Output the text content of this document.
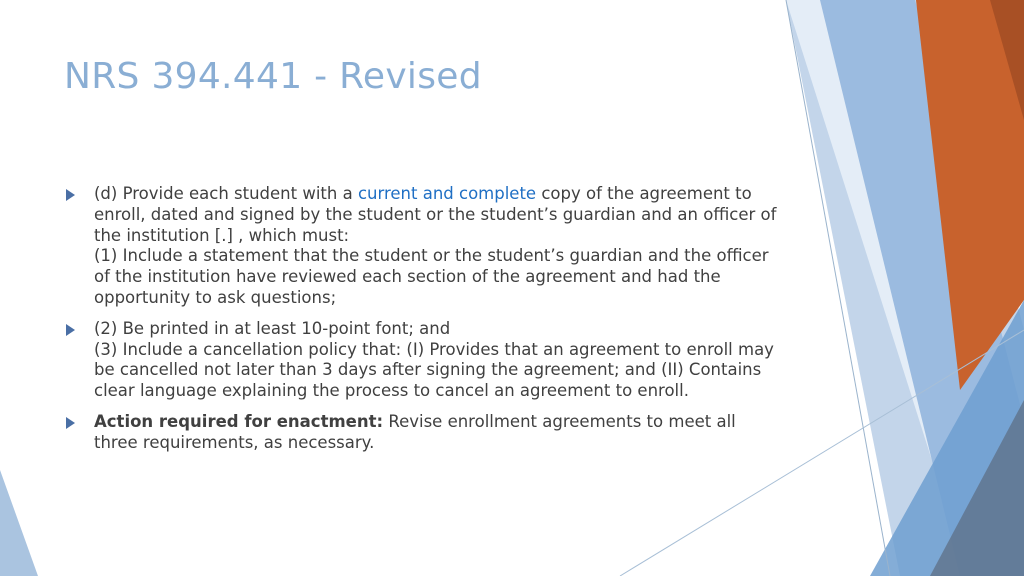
NRS 394.441 - Revised

(d) Provide each student with a current and complete copy of the agreement to enroll, dated and signed by the student or the student’s guardian and an officer of the institution [.] , which must:

(1) Include a statement that the student or the student’s guardian and the officer of the institution have reviewed each section of the agreement and had the opportunity to ask questions;

(2) Be printed in at least 10-point font; and

(3) Include a cancellation policy that: (I) Provides that an agreement to enroll may be cancelled not later than 3 days after signing the agreement; and (II) Contains clear language explaining the process to cancel an agreement to enroll.

Action required for enactment: Revise enrollment agreements to meet all three requirements, as necessary.
